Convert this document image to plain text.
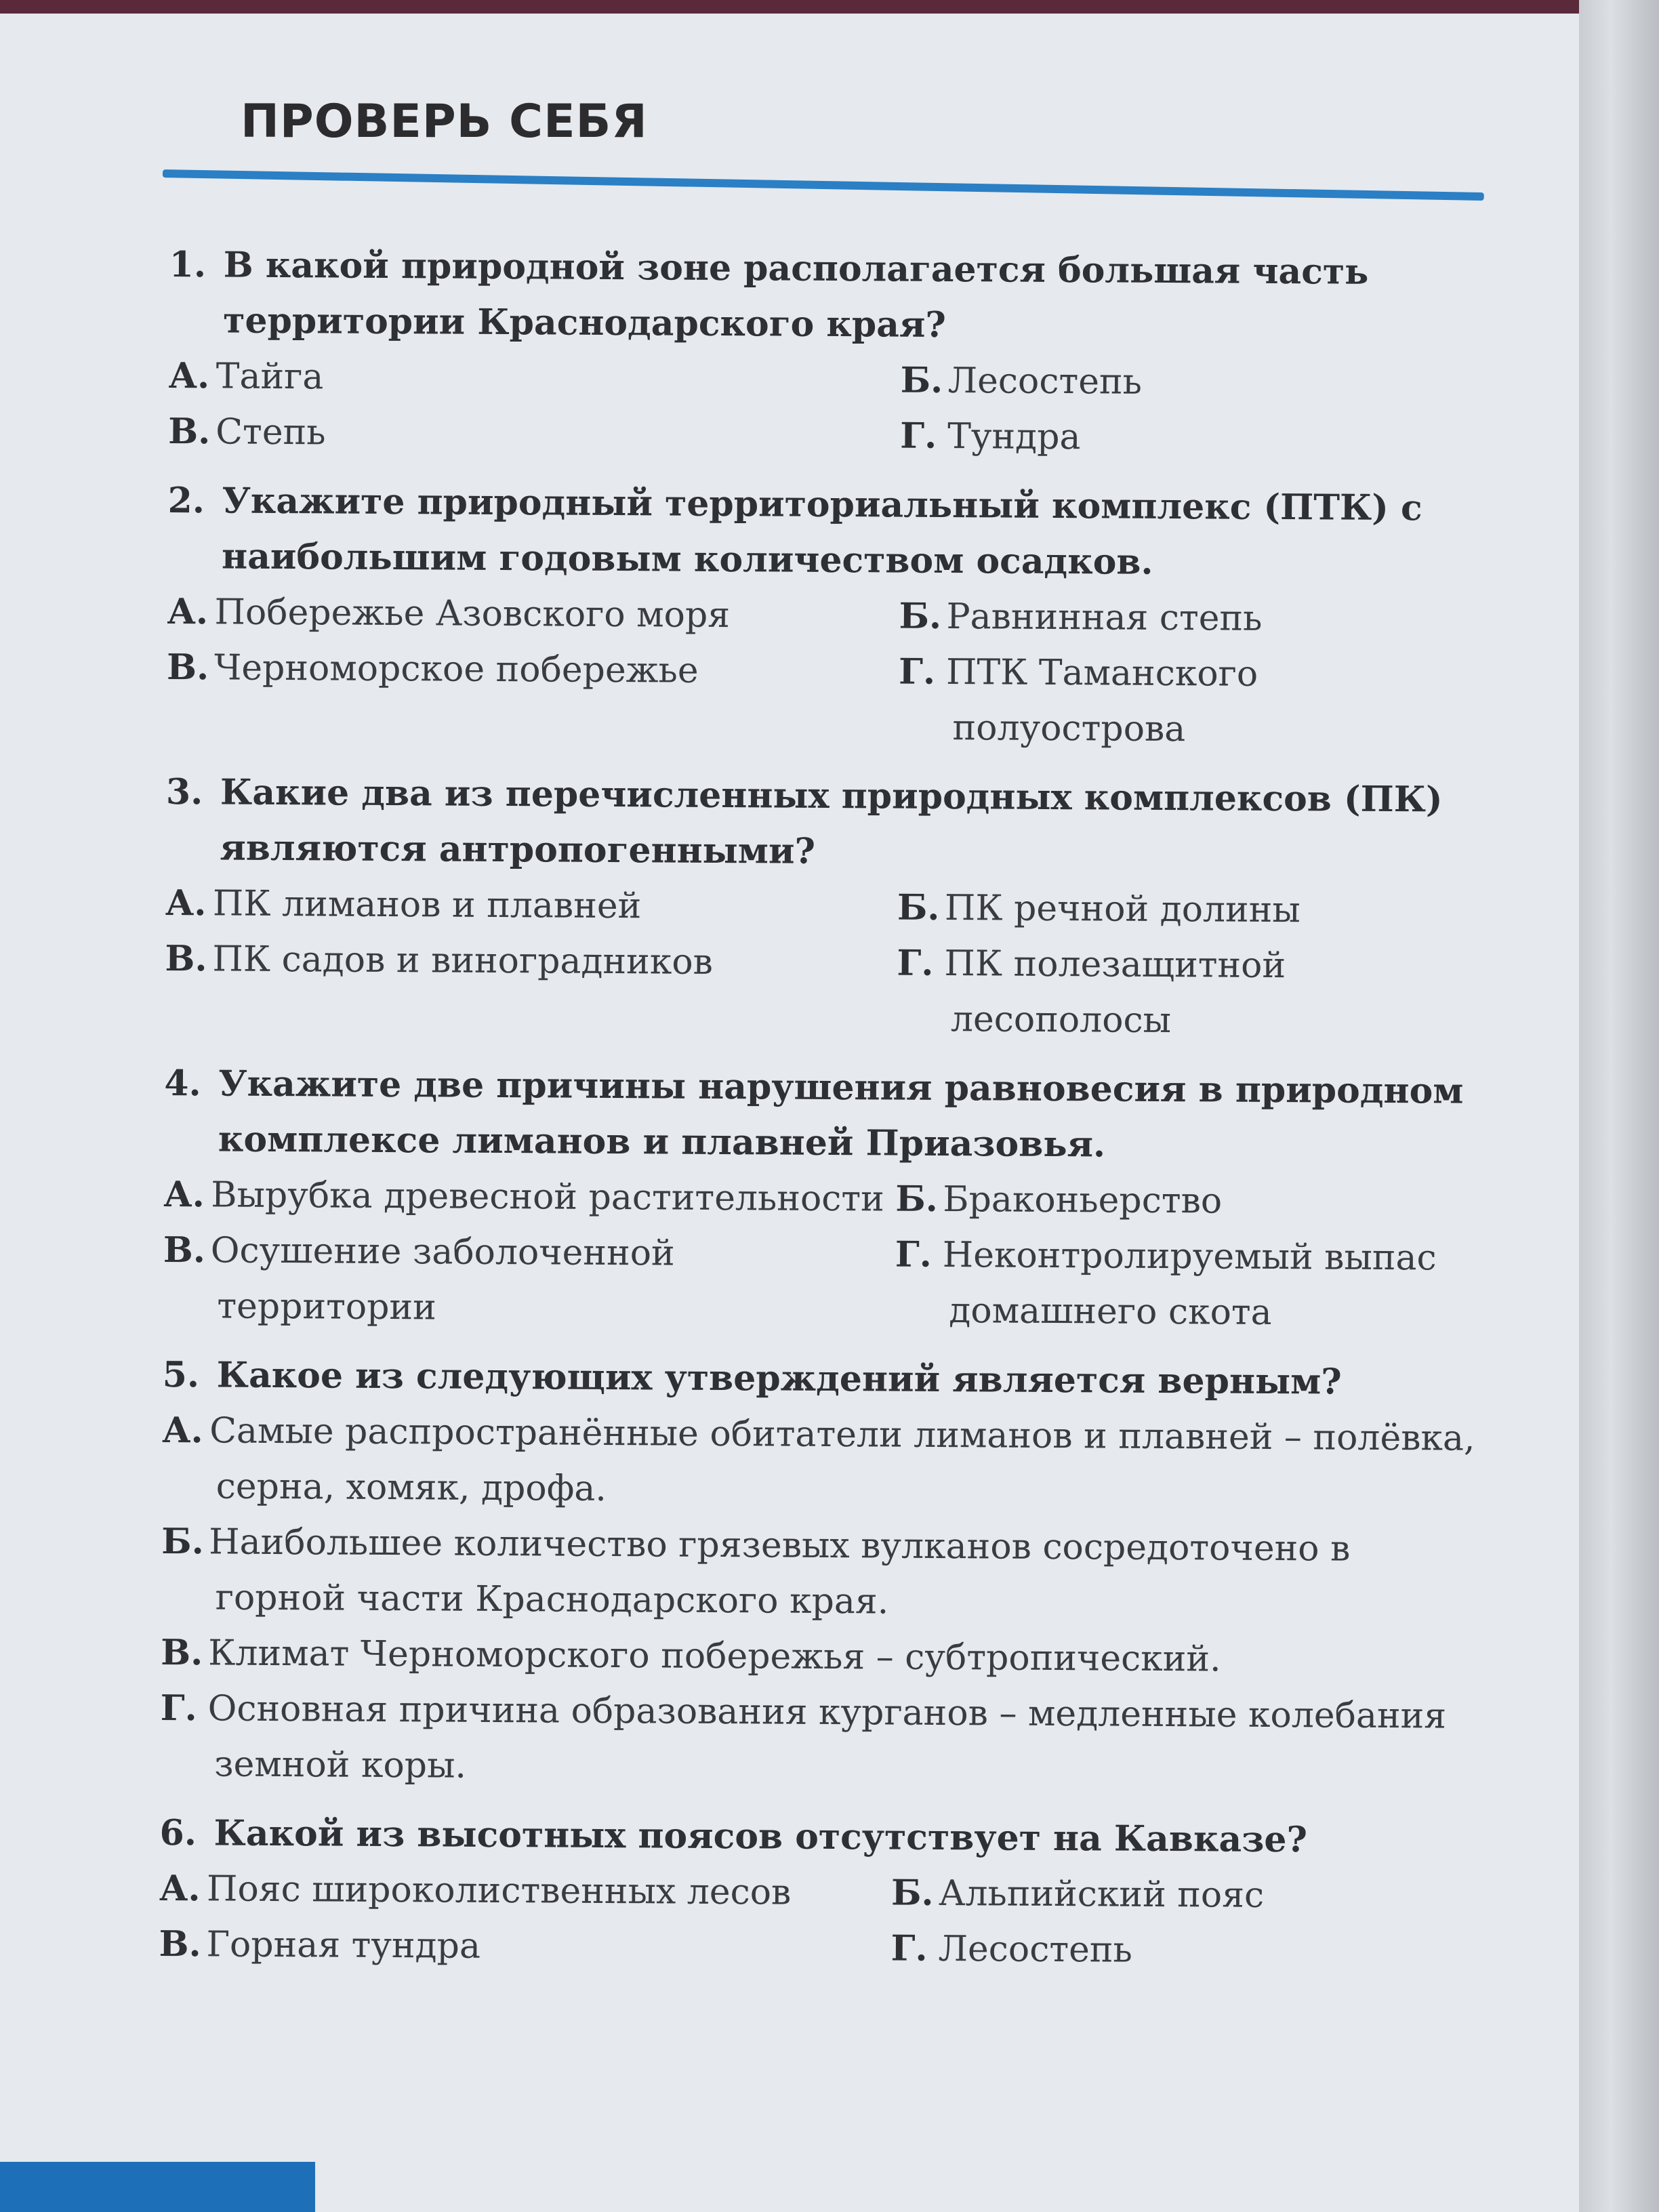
ПРОВЕРЬ СЕБЯ
1. В какой природной зоне располагается большая часть территории Краснодарского края?
А. Тайга	Б. Лесостепь
В. Степь	Г. Тундра
2. Укажите природный территориальный комплекс (ПТК) с наибольшим годовым количеством осадков.
А. Побережье Азовского моря	Б. Равнинная степь
В. Черноморское побережье	Г. ПТК Таманского полуострова
3. Какие два из перечисленных природных комплексов (ПК) являются антропогенными?
А. ПК лиманов и плавней	Б. ПК речной долины
В. ПК садов и виноградников	Г. ПК полезащитной лесополосы
4. Укажите две причины нарушения равновесия в природном комплексе лиманов и плавней Приазовья.
А. Вырубка древесной растительности Б. Браконьерство
В. Осушение заболоченной территории
Г. Неконтролируемый выпас домашнего скота
5. Какое из следующих утверждений является верным?
А. Самые распространённые обитатели лиманов и плавней – полёвка, серна, хомяк, дрофа.
Б. Наибольшее количество грязевых вулканов сосредоточено в горной части Краснодарского края.
В. Климат Черноморского побережья – субтропический.
Г. Основная причина образования курганов – медленные колебания земной коры.
6. Какой из высотных поясов отсутствует на Кавказе?
А. Пояс широколиственных лесов	Б. Альпийский пояс
В. Горная тундра	Г. Лесостепь
